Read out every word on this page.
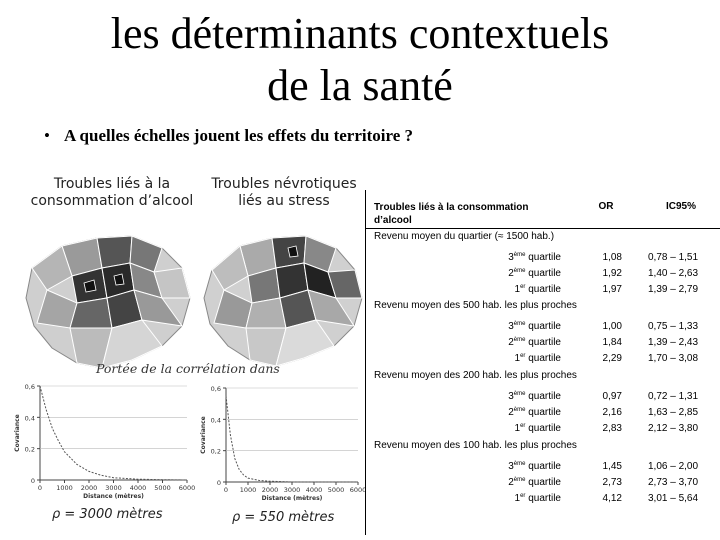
les déterminants contextuels
de la santé
• A quelles échelles jouent les effets du territoire ?
Troubles liés à la
consommation d’alcool
Troubles névrotiques
liés au stress
Portée de la corrélation dans
0
0,2
0,4
0,6
0 1000 2000 3000 4000 5000 6000
Distance (mètres)
Covariance
0
0,2
0,4
0,6
0 1000 2000 3000 4000 5000 6000
Distance (mètres)
Covariance
ρ = 3000 mètres	ρ = 550 mètres
Troubles liés à la consommation d’alcool
OR	IC95%
Revenu moyen du quartier (≈ 1500 hab.)
3ème quartile	1,08	0,78 – 1,51
2ème quartile	1,92	1,40 – 2,63
1er quartile	1,97	1,39 – 2,79
Revenu moyen des 500 hab. les plus proches
3ème quartile	1,00	0,75 – 1,33
2ème quartile	1,84	1,39 – 2,43
1er quartile	2,29	1,70 – 3,08
Revenu moyen des 200 hab. les plus proches
3ème quartile	0,97	0,72 – 1,31
2ème quartile	2,16	1,63 – 2,85
1er quartile	2,83	2,12 – 3,80
Revenu moyen des 100 hab. les plus proches
3ème quartile	1,45	1,06 – 2,00
2ème quartile	2,73	2,73 – 3,70
1er quartile	4,12	3,01 – 5,64
